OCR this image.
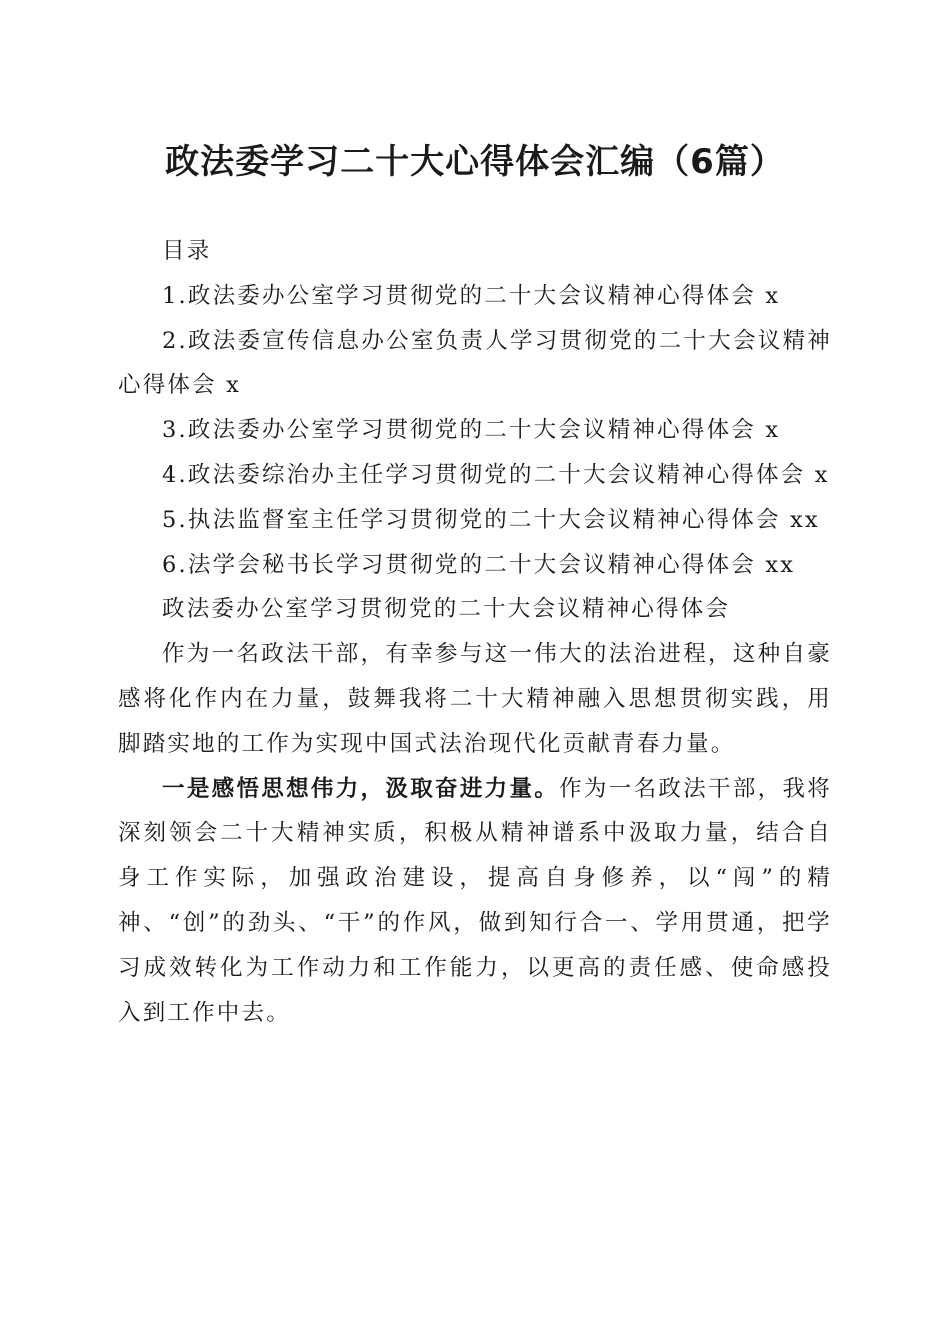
政法委学习二十大心得体会汇编（6篇）

目录

1.政法委办公室学习贯彻党的二十大会议精神心得体会 x

2.政法委宣传信息办公室负责人学习贯彻党的二十大会议精神心得体会 x

3.政法委办公室学习贯彻党的二十大会议精神心得体会 x

4.政法委综治办主任学习贯彻党的二十大会议精神心得体会 x

5.执法监督室主任学习贯彻党的二十大会议精神心得体会 xx

6.法学会秘书长学习贯彻党的二十大会议精神心得体会 xx

政法委办公室学习贯彻党的二十大会议精神心得体会

作为一名政法干部，有幸参与这一伟大的法治进程，这种自豪感将化作内在力量，鼓舞我将二十大精神融入思想贯彻实践，用脚踏实地的工作为实现中国式法治现代化贡献青春力量。

一是感悟思想伟力，汲取奋进力量。作为一名政法干部，我将深刻领会二十大精神实质，积极从精神谱系中汲取力量，结合自身工作实际，加强政治建设，提高自身修养，以“闯”的精神、“创”的劲头、“干”的作风，做到知行合一、学用贯通，把学习成效转化为工作动力和工作能力，以更高的责任感、使命感投入到工作中去。
